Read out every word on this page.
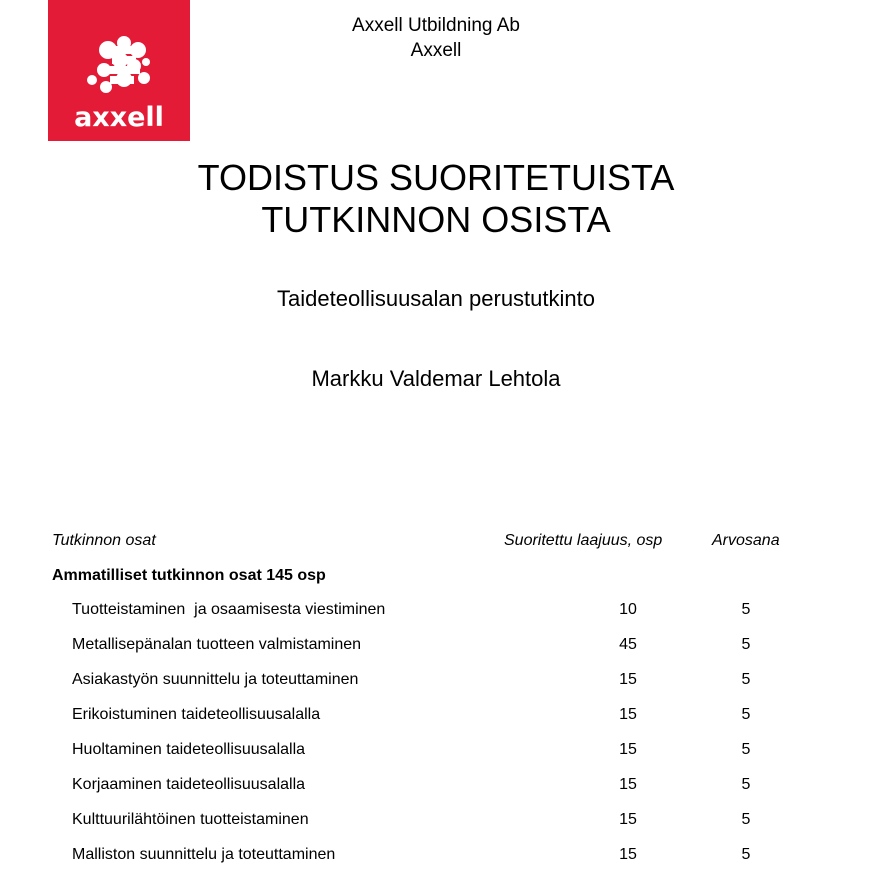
axxell
Axxell Utbildning Ab
Axxell
TODISTUS SUORITETUISTA
TUTKINNON OSISTA
Taideteollisuusalan perustutkinto
Markku Valdemar Lehtola
Tutkinnon osat	Suoritettu laajuus, osp	Arvosana
Ammatilliset tutkinnon osat 145 osp
Tuotteistaminen  ja osaamisesta viestiminen	10	5
Metallisepänalan tuotteen valmistaminen	45	5
Asiakastyön suunnittelu ja toteuttaminen	15	5
Erikoistuminen taideteollisuusalalla	15	5
Huoltaminen taideteollisuusalalla	15	5
Korjaaminen taideteollisuusalalla	15	5
Kulttuurilähtöinen tuotteistaminen	15	5
Malliston suunnittelu ja toteuttaminen	15	5
